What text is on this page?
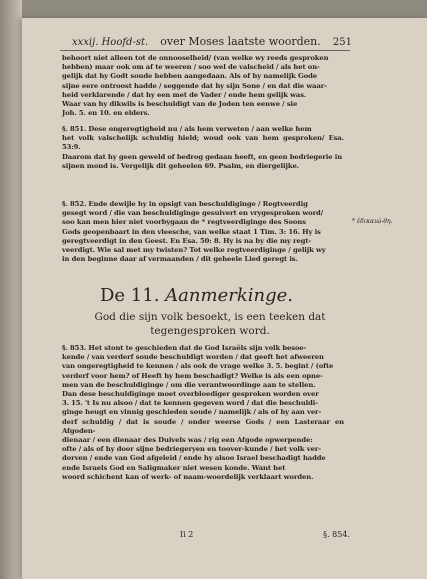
xxxij. Hoofd-st. over Moses laatste woorden. 251

behoort niet alleen tot de onnooselheid/ (van welke wy reeds gesproken

hebben) maar ook om af te weeren / soo wel de valscheid / als het on-

gelijk dat hy Godt soude hebben aangedaan. Als of hy namelijk Gode

sijne eere ontroost hadde / seggende dat hy sijn Sone / en dat die waar-

heid verklarende / dat hy een met de Vader / ende hem gelijk was.

Waar van hy dikwils is beschuldigt van de Joden ten eenwe / sie

Joh. 5. en 10. en elders.

§. 851. Dese ongeregtigheid nu / als hem verweten / aan welke hem

het volk valschelijk schuldig hield; woud ook van hem gesproken/ Esa. 53:9.

Daarom dat hy geen geweld of bedrog gedaan heeft, en geen bedriegerie in

sijnen mond is. Vergelijk dit geheelen 69. Psalm, en diergelijke.

§. 852. Ende dewijle hy in opsigt van beschuldiginge / Regtveerdig

gesegt word / die van beschuldiginge gesuivert en vrygesproken word/

soo kan men hier niet voorbygaan de * regtveerdiginge des Soons

Gods geopenbaart in den vleesche, van welke staat 1 Tim. 3: 16. Hy is

geregtveerdigt in den Geest. En Esa. 50: 8. Hy is na by die my regt-

veerdigt. Wie sal met my twisten? Tot welke regtveerdiginge / gelijk wy

in den beginne daar af vermaanden / dit geheele Lied geregt is.

* ἐδικαιώ-θη.
De 11. Aanmerkinge.
God die sijn volk besoekt, is een teeken dat
tegengesproken word.

§. 853. Het stont te geschieden dat de God Israëls sijn volk besoe-

kende / van verderf soude beschuldigt worden / dat geeft het afweeren

van ongeregtigheid te kennen / als ook de vrage welke 3. 5. begint / (ofte

verderf voor hem? of Heeft hy hem beschadigt? Welke is als een opne-

men van de beschuldiginge / om die verantwoordinge aan te stellen.

Dan dese beschuldiginge moet overbloediger gesproken worden over

3. 15. 't Is nu alsoo / dat te kennen gegeven word / dat die beschuldi-

ginge heugt en vinnig geschieden soude / namelijk / als of hy aan ver-

derf schuldig / dat is soude / onder weerse Gods / een Lasteraar en Afgoden-

dienaar / een dienaar des Duivels was / rig een Afgode opwerpende:

ofte / als of hy door sijne bedriegeryen en toover-kunde / het volk ver-

dorven / ende van God afgeleid / ende hy alsoo Israel beschadigt hadde

ende Israels God en Saligmaker niet wesen konde. Want het

woord schichent kan of werk- of naam-woordelijk verklaart worden.

Ii 2	§. 854.
